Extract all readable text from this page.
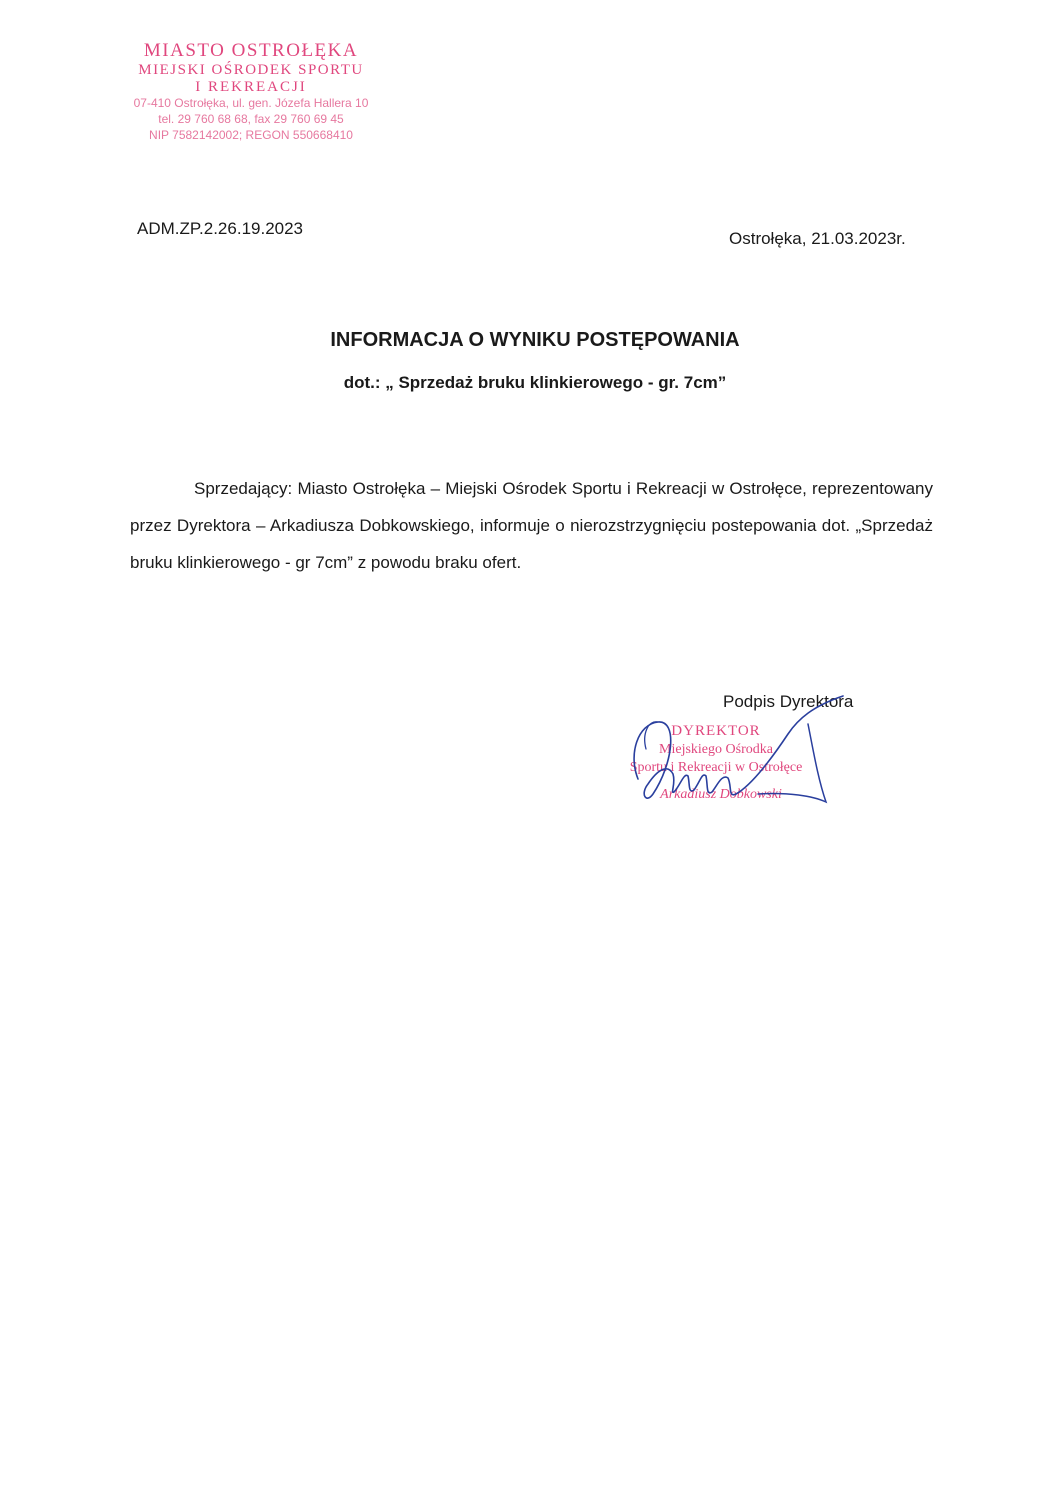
MIASTO OSTROŁĘKA
MIEJSKI OŚRODEK SPORTU
I REKREACJI
07-410 Ostrołęka, ul. gen. Józefa Hallera 10
tel. 29 760 68 68, fax 29 760 69 45
NIP 7582142002; REGON 550668410
ADM.ZP.2.26.19.2023
Ostrołęka, 21.03.2023r.
INFORMACJA O WYNIKU POSTĘPOWANIA
dot.: „ Sprzedaż bruku klinkierowego - gr. 7cm”
Sprzedający: Miasto Ostrołęka – Miejski Ośrodek Sportu i Rekreacji w Ostrołęce, reprezentowany przez Dyrektora – Arkadiusza Dobkowskiego, informuje o nierozstrzygnięciu postepowania dot. „Sprzedaż bruku klinkierowego - gr 7cm” z powodu braku ofert.
Podpis Dyrektora
DYREKTOR
Miejskiego Ośrodka
Sportu i Rekreacji w Ostrołęce
Arkadiusz Dobkowski
